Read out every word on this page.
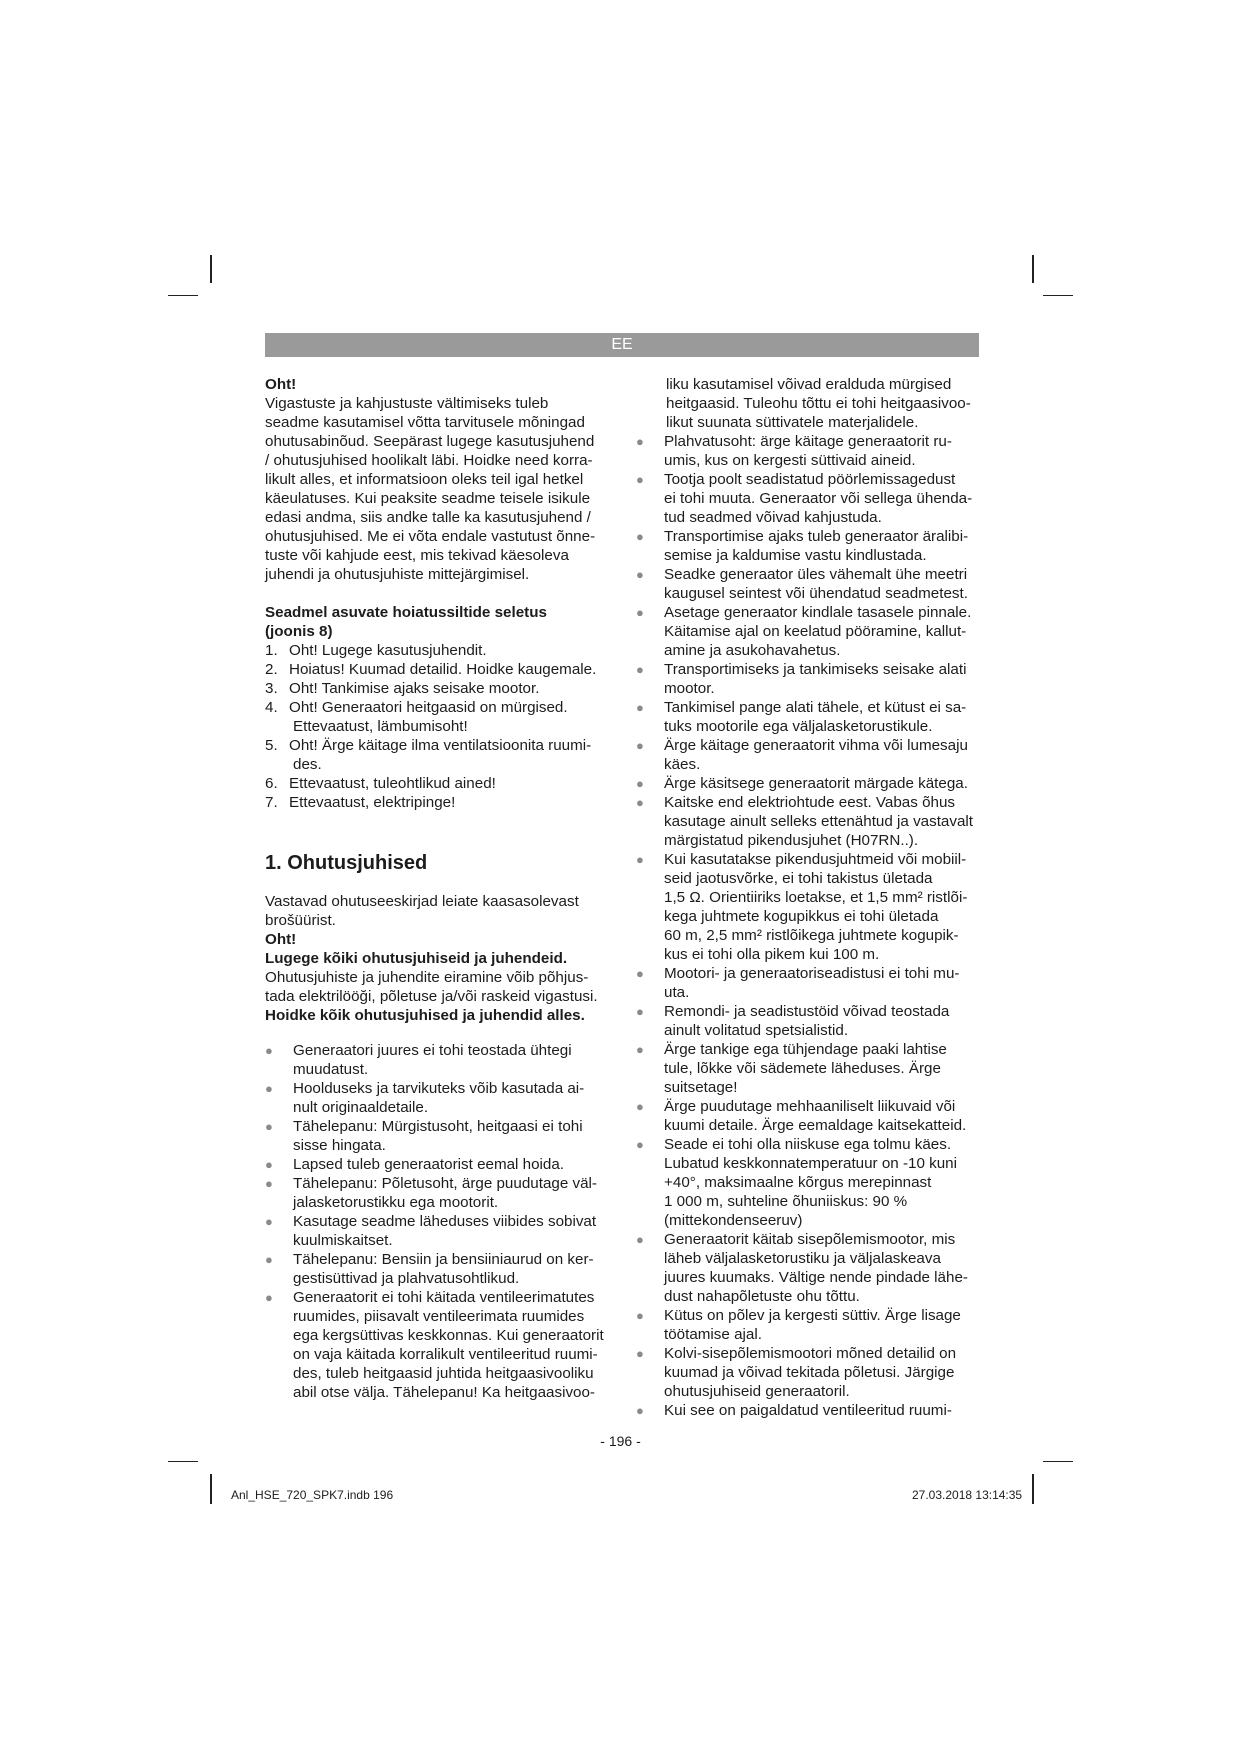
EE

Oht!

Vigastuste ja kahjustuste vältimiseks tuleb
seadme kasutamisel võtta tarvitusele mõningad
ohutusabinõud. Seepärast lugege kasutusjuhend
/ ohutusjuhised hoolikalt läbi. Hoidke need korra-
likult alles, et informatsioon oleks teil igal hetkel
käeulatuses. Kui peaksite seadme teisele isikule
edasi andma, siis andke talle ka kasutusjuhend /
ohutusjuhised. Me ei võta endale vastutust õnne-
tuste või kahjude eest, mis tekivad käesoleva
juhendi ja ohutusjuhiste mittejärgimisel.

Seadmel asuvate hoiatussiltide seletus

(joonis 8)

1. Oht! Lugege kasutusjuhendit.
2. Hoiatus! Kuumad detailid. Hoidke kaugemale.
3. Oht! Tankimise ajaks seisake mootor.
4. Oht! Generaatori heitgaasid on mürgised.
Ettevaatust, lämbumisoht!
5. Oht! Ärge käitage ilma ventilatsioonita ruumi-
des.
6. Ettevaatust, tuleohtlikud ained!
7. Ettevaatust, elektripinge!

1. Ohutusjuhised

Vastavad ohutuseeskirjad leiate kaasasolevast
brošüürist.

Oht!

Lugege kõiki ohutusjuhiseid ja juhendeid.

Ohutusjuhiste ja juhendite eiramine võib põhjus-
tada elektrilööği, põletuse ja/või raskeid vigastusi.

Hoidke kõik ohutusjuhised ja juhendid alles.

●	Generaatori juures ei tohi teostada ühtegi
muudatust.
●	Hoolduseks ja tarvikuteks võib kasutada ai-
nult originaaldetaile.
●	Tähelepanu: Mürgistusoht, heitgaasi ei tohi
sisse hingata.
●	Lapsed tuleb generaatorist eemal hoida.
●	Tähelepanu: Põletusoht, ärge puudutage väl-
jalasketorustikku ega mootorit.
●	Kasutage seadme läheduses viibides sobivat
kuulmiskaitset.
●	Tähelepanu: Bensiin ja bensiiniaurud on ker-
gestisüttivad ja plahvatusohtlikud.
●	Generaatorit ei tohi käitada ventileerimatutes
ruumides, piisavalt ventileerimata ruumides
ega kergsüttivas keskkonnas. Kui generaatorit
on vaja käitada korralikult ventileeritud ruumi-
des, tuleb heitgaasid juhtida heitgaasivooliku
abil otse välja. Tähelepanu! Ka heitgaasivoo-
liku kasutamisel võivad eralduda mürgised
heitgaasid. Tuleohu tõttu ei tohi heitgaasivoo-
likut suunata süttivatele materjalidele.
●	Plahvatusoht: ärge käitage generaatorit ru-
umis, kus on kergesti süttivaid aineid.
●	Tootja poolt seadistatud pöörlemissagedust
ei tohi muuta. Generaator või sellega ühenda-
tud seadmed võivad kahjustuda.
●	Transportimise ajaks tuleb generaator äralibi-
semise ja kaldumise vastu kindlustada.
●	Seadke generaator üles vähemalt ühe meetri
kaugusel seintest või ühendatud seadmetest.
●	Asetage generaator kindlale tasasele pinnale.
Käitamise ajal on keelatud pööramine, kallut-
amine ja asukohavahetus.
●	Transportimiseks ja tankimiseks seisake alati
mootor.
●	Tankimisel pange alati tähele, et kütust ei sa-
tuks mootorile ega väljalasketorustikule.
●	Ärge käitage generaatorit vihma või lumesaju
käes.
●	Ärge käsitsege generaatorit märgade kätega.
●	Kaitske end elektriohtude eest. Vabas õhus
kasutage ainult selleks ettenähtud ja vastavalt
märgistatud pikendusjuhet (H07RN..).
●	Kui kasutatakse pikendusjuhtmeid või mobiil-
seid jaotusvõrke, ei tohi takistus ületada
1,5 Ω. Orientiiriks loetakse, et 1,5 mm² ristlõi-
kega juhtmete kogupikkus ei tohi ületada
60 m, 2,5 mm² ristlõikega juhtmete kogupik-
kus ei tohi olla pikem kui 100 m.
●	Mootori- ja generaatoriseadistusi ei tohi mu-
uta.
●	Remondi- ja seadistustöid võivad teostada
ainult volitatud spetsialistid.
●	Ärge tankige ega tühjendage paaki lahtise
tule, lõkke või sädemete läheduses. Ärge
suitsetage!
●	Ärge puudutage mehhaaniliselt liikuvaid või
kuumi detaile. Ärge eemaldage kaitsekatteid.
●	Seade ei tohi olla niiskuse ega tolmu käes.
Lubatud keskkonnatemperatuur on -10 kuni
+40°, maksimaalne kõrgus merepinnast
1 000 m, suhteline õhuniiskus: 90 %
(mittekondenseeruv)
●	Generaatorit käitab sisepõlemismootor, mis
läheb väljalasketorustiku ja väljalaskeava
juures kuumaks. Vältige nende pindade lähe-
dust nahapõletuste ohu tõttu.
●	Kütus on põlev ja kergesti süttiv. Ärge lisage
töötamise ajal.
●	Kolvi-sisepõlemismootori mõned detailid on
kuumad ja võivad tekitada põletusi. Järgige
ohutusjuhiseid generaatoril.
●	Kui see on paigaldatud ventileeritud ruumi-
- 196 -
Anl_HSE_720_SPK7.indb 196	27.03.2018 13:14:35
